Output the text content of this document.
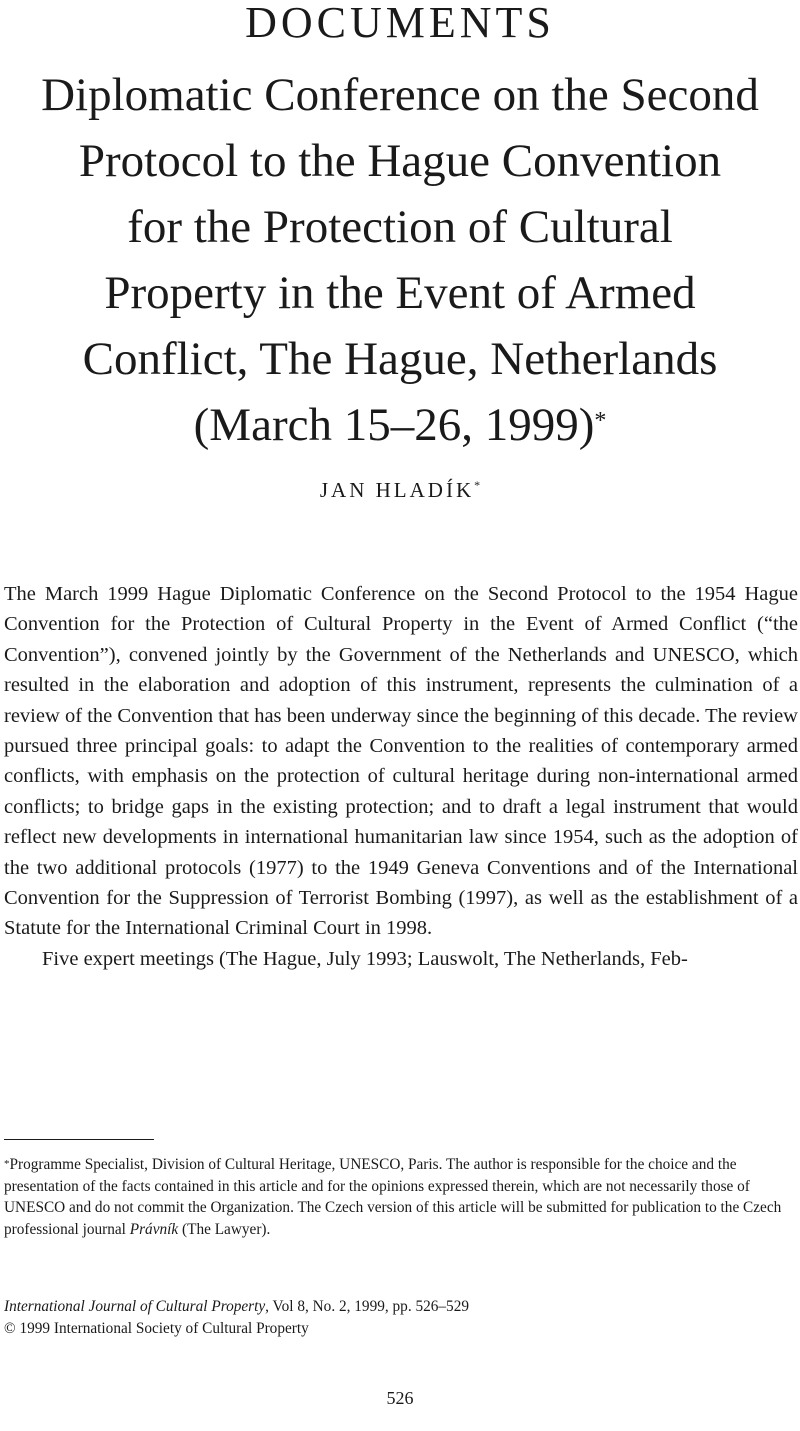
DOCUMENTS
Diplomatic Conference on the Second
Protocol to the Hague Convention
for the Protection of Cultural
Property in the Event of Armed
Conflict, The Hague, Netherlands
(March 15–26, 1999)*
JAN HLADÍK*

The March 1999 Hague Diplomatic Conference on the Second Protocol to the 1954 Hague Convention for the Protection of Cultural Property in the Event of Armed Conflict (“the Convention”), convened jointly by the Government of the Netherlands and UNESCO, which resulted in the elaboration and adoption of this instrument, represents the culmination of a review of the Convention that has been underway since the beginning of this decade. The review pursued three principal goals: to adapt the Convention to the realities of contemporary armed conflicts, with emphasis on the protection of cultural heritage during non-international armed conflicts; to bridge gaps in the existing protection; and to draft a legal instrument that would reflect new developments in international humanitarian law since 1954, such as the adoption of the two additional protocols (1977) to the 1949 Geneva Conventions and of the International Convention for the Suppression of Terrorist Bombing (1997), as well as the establishment of a Statute for the International Criminal Court in 1998.

Five expert meetings (The Hague, July 1993; Lauswolt, The Netherlands, Feb-

*Programme Specialist, Division of Cultural Heritage, UNESCO, Paris. The author is responsible for the choice and the presentation of the facts contained in this article and for the opinions expressed therein, which are not necessarily those of UNESCO and do not commit the Organization. The Czech version of this article will be submitted for publication to the Czech professional journal Právník (The Lawyer).

International Journal of Cultural Property, Vol 8, No. 2, 1999, pp. 526–529
© 1999 International Society of Cultural Property
526
